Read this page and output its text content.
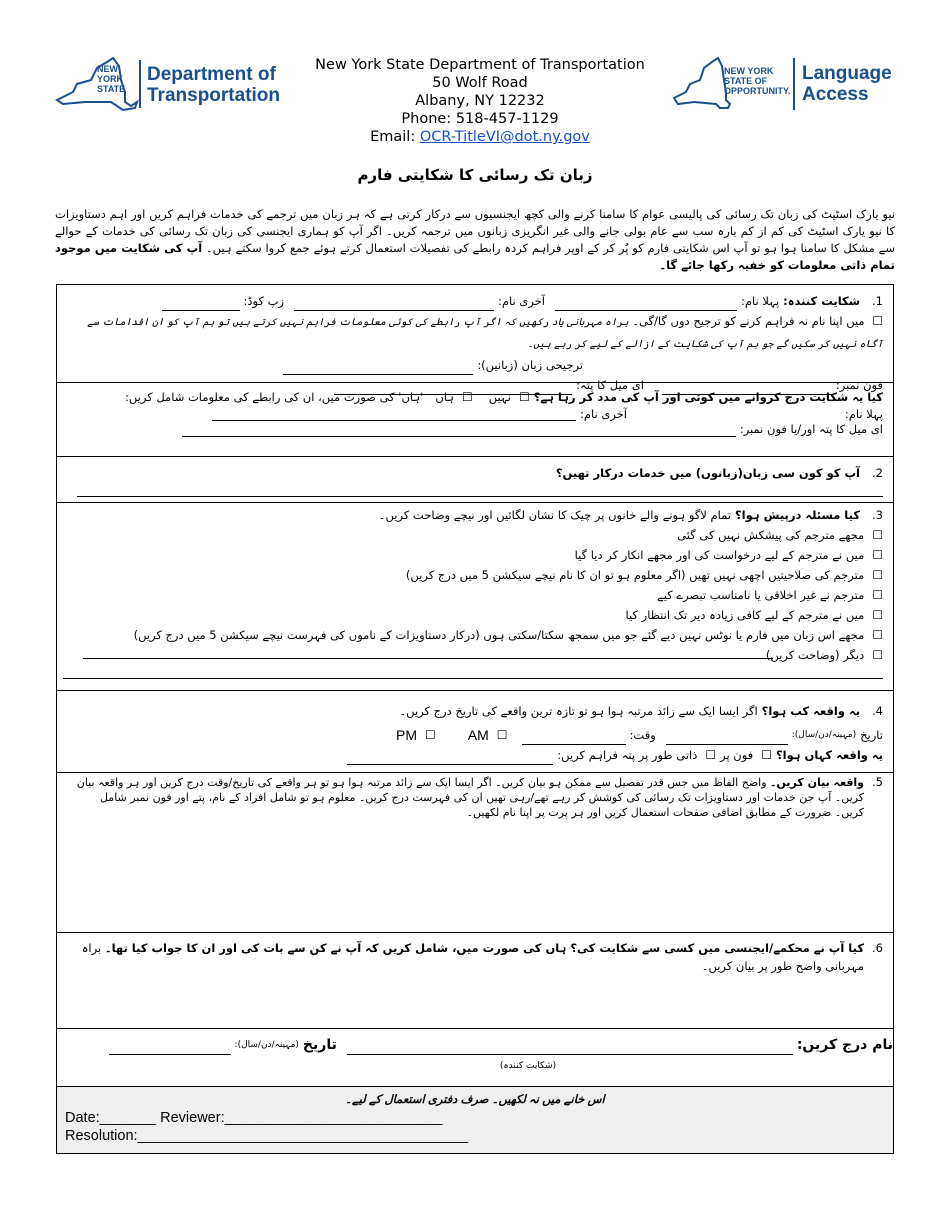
NEW YORK STATE
Department of
Transportation
New York State Department of Transportation
50 Wolf Road
Albany, NY 12232
Phone: 518-457-1129
Email: OCR-TitleVI@dot.ny.gov
NEW YORK STATE OF OPPORTUNITY.
Language
Access
زبان تک رسائی کا شکایتی فارم
نیو یارک اسٹیٹ کی زبان تک رسائی کی پالیسی عوام کا سامنا کرنے والی کچھ ایجنسیوں سے درکار کرتی ہے کہ ہر زبان میں ترجمے کی خدمات فراہم کریں اور اہم دستاویزات کا نیو یارک اسٹیٹ کی کم از کم بارہ سب سے عام بولی جانے والی غیر انگریزی زبانوں میں ترجمہ کریں۔ اگر آپ کو ہماری ایجنسی کی زبان تک رسائی کی خدمات کے حوالے سے مشکل کا سامنا ہوا ہو تو آپ اس شکایتی فارم کو پُر کر کے اوپر فراہم کردہ رابطے کی تفصیلات استعمال کرتے ہوئے جمع کروا سکتے ہیں۔ آپ کی شکایت میں موجود تمام ذاتی معلومات کو خفیہ رکھا جائے گا۔
1.
شکایت کنندہ:
پہلا نام:
آخری نام:
زپ کوڈ:
☐ میں اپنا نام نہ فراہم کرنے کو ترجیح دوں گا/گی۔ براہ مہربانی یاد رکھیں کہ اگر آپ رابطے کی کوئی معلومات فراہم نہیں کرتے ہیں تو ہم آپ کو ان اقدامات سے آگاہ نہیں کر سکیں گے جو ہم آپ کی شکایت کے ازالے کے لیے کر رہے ہیں۔
ترجیحی زبان (زبانیں):
فون نمبر:
ای میل کا پتہ:
کیا یہ شکایت درج کروانے میں کوئی اور آپ کی مدد کر رہا ہے؟
☐
نہیں
☐
ہاں
'ہاں' کی صورت میں، ان کی رابطے کی معلومات شامل کریں:
پہلا نام:
آخری نام:
ای میل کا پتہ اور/یا فون نمبر:
2.
آپ کو کون سی زبان(زبانوں) میں خدمات درکار تھیں؟
3.
کیا مسئلہ درپیش ہوا؟
تمام لاگو ہونے والے خانوں پر چیک کا نشان لگائیں اور نیچے وضاحت کریں۔
☐
مجھے مترجم کی پیشکش نہیں کی گئی
☐
میں نے مترجم کے لیے درخواست کی اور مجھے انکار کر دیا گیا
☐
مترجم کی صلاحیتیں اچھی نہیں تھیں (اگر معلوم ہو تو ان کا نام نیچے سیکشن 5 میں درج کریں)
☐
مترجم نے غیر اخلاقی یا نامناسب تبصرے کیے
☐
میں نے مترجم کے لیے کافی زیادہ دیر تک انتظار کیا
☐
مجھے اس زبان میں فارم یا نوٹس نہیں دیے گئے جو میں سمجھ سکتا/سکتی ہوں (درکار دستاویزات کے ناموں کی فہرست نیچے سیکشن 5 میں درج کریں)
☐
دیگر (وضاحت کریں)
4.
یہ واقعہ کب ہوا؟
اگر ایسا ایک سے زائد مرتبہ ہوا ہو تو تازہ ترین واقعے کی تاریخ درج کریں۔
تاریخ
(مہینہ/دن/سال):
وقت:
☐
AM
☐
PM
یہ واقعہ کہاں ہوا؟
☐
فون پر
☐
ذاتی طور پر پتہ فراہم کریں:
5.
واقعہ بیان کریں۔ واضح الفاظ میں جس قدر تفصیل سے ممکن ہو بیان کریں۔ اگر ایسا ایک سے زائد مرتبہ ہوا ہو تو ہر واقعے کی تاریخ/وقت درج کریں اور ہر واقعہ بیان کریں۔ آپ جن خدمات اور دستاویزات تک رسائی کی کوشش کر رہے تھے/رہی تھیں ان کی فہرست درج کریں۔ معلوم ہو تو شامل افراد کے نام، پتے اور فون نمبر شامل کریں۔ ضرورت کے مطابق اضافی صفحات استعمال کریں اور ہر پرت پر اپنا نام لکھیں۔
6.
کیا آپ نے محکمے/ایجنسی میں کسی سے شکایت کی؟ ہاں کی صورت میں، شامل کریں کہ آپ نے کن سے بات کی اور ان کا جواب کیا تھا۔ براہ مہربانی واضح طور پر بیان کریں۔
نام درج کریں:
تاریخ
(مہینہ/دن/سال):
(شکایت کنندہ)
اس خانے میں نہ لکھیں۔ صرف دفتری استعمال کے لیے۔
Date:_______ Reviewer:___________________________
Resolution:_________________________________________
